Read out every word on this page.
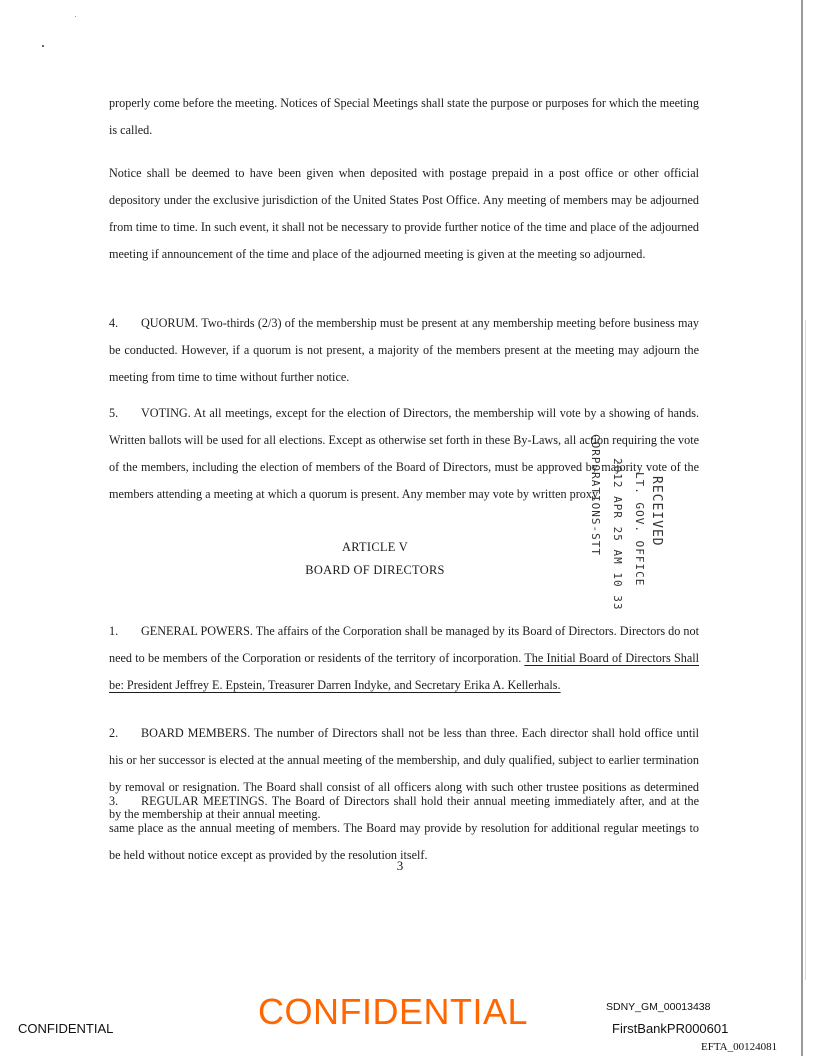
properly come before the meeting. Notices of Special Meetings shall state the purpose or purposes for which the meeting is called.
Notice shall be deemed to have been given when deposited with postage prepaid in a post office or other official depository under the exclusive jurisdiction of the United States Post Office. Any meeting of members may be adjourned from time to time. In such event, it shall not be necessary to provide further notice of the time and place of the adjourned meeting if announcement of the time and place of the adjourned meeting is given at the meeting so adjourned.
4. QUORUM. Two-thirds (2/3) of the membership must be present at any membership meeting before business may be conducted. However, if a quorum is not present, a majority of the members present at the meeting may adjourn the meeting from time to time without further notice.
5. VOTING. At all meetings, except for the election of Directors, the membership will vote by a showing of hands. Written ballots will be used for all elections. Except as otherwise set forth in these By-Laws, all action requiring the vote of the members, including the election of members of the Board of Directors, must be approved by majority vote of the members attending a meeting at which a quorum is present. Any member may vote by written proxy
ARTICLE V
BOARD OF DIRECTORS
RECEIVED
LT. GOV. OFFICE
2012 APR 25 AM 10 33
CORPORATIONS-STT
1. GENERAL POWERS. The affairs of the Corporation shall be managed by its Board of Directors. Directors do not need to be members of the Corporation or residents of the territory of incorporation. The Initial Board of Directors Shall be: President Jeffrey E. Epstein, Treasurer Darren Indyke, and Secretary Erika A. Kellerhals.
2. BOARD MEMBERS. The number of Directors shall not be less than three. Each director shall hold office until his or her successor is elected at the annual meeting of the membership, and duly qualified, subject to earlier termination by removal or resignation. The Board shall consist of all officers along with such other trustee positions as determined by the membership at their annual meeting.
3. REGULAR MEETINGS. The Board of Directors shall hold their annual meeting immediately after, and at the same place as the annual meeting of members. The Board may provide by resolution for additional regular meetings to be held without notice except as provided by the resolution itself.
3
SDNY_GM_00013438
CONFIDENTIAL	CONFIDENTIAL	FirstBankPR000601
EFTA_00124081
